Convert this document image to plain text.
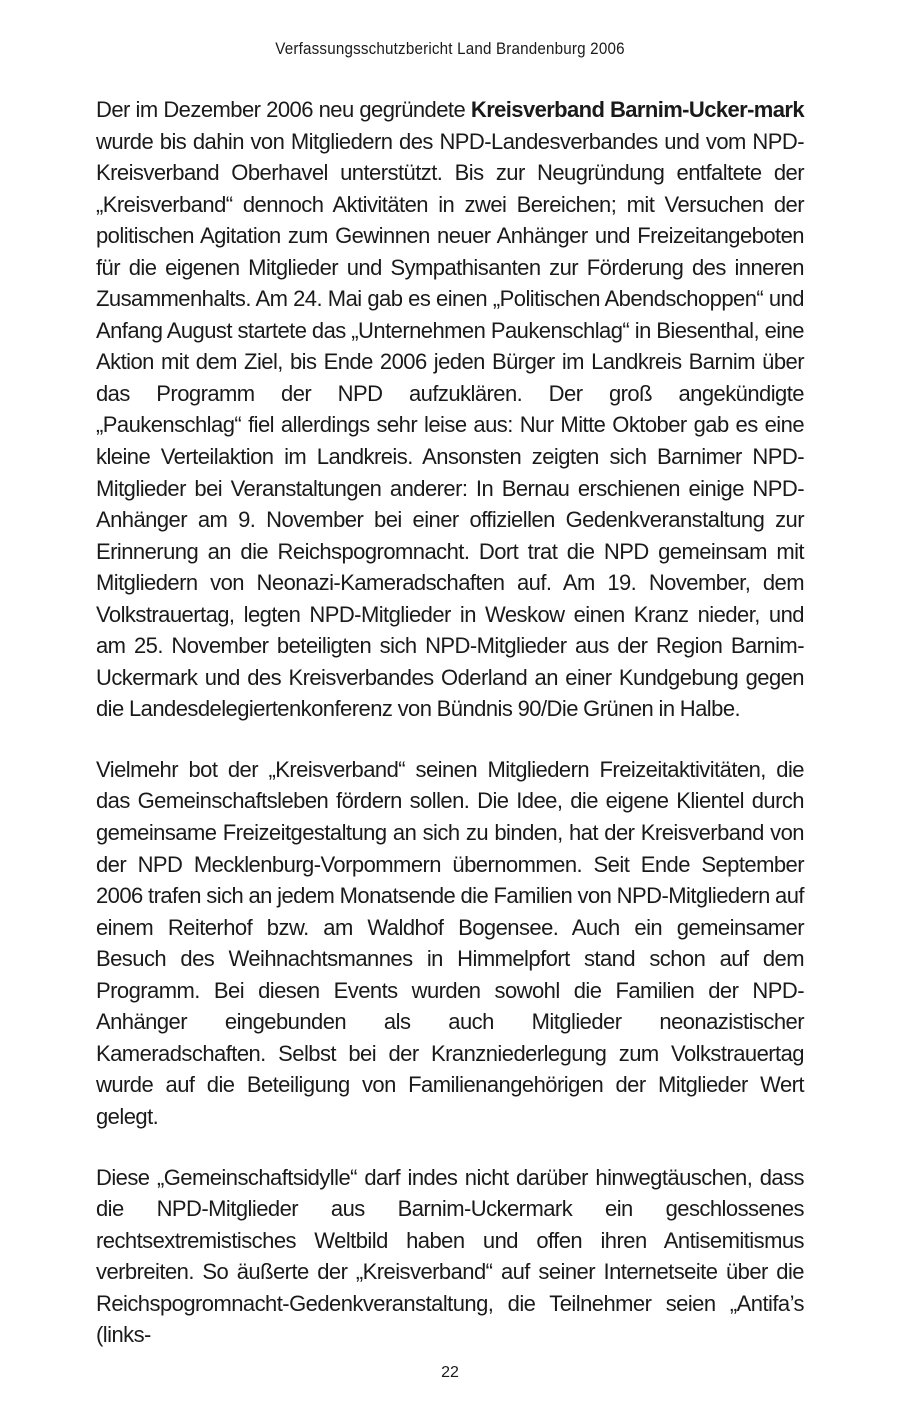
Verfassungsschutzbericht Land Brandenburg 2006

Der im Dezember 2006 neu gegründete Kreisverband Barnim-Ucker-mark wurde bis dahin von Mitgliedern des NPD-Landesverbandes und vom NPD-Kreisverband Oberhavel unterstützt. Bis zur Neugründung entfaltete der „Kreisverband“ dennoch Aktivitäten in zwei Bereichen; mit Versuchen der politischen Agitation zum Gewinnen neuer Anhänger und Freizeitangeboten für die eigenen Mitglieder und Sympathisanten zur Förderung des inneren Zusammenhalts. Am 24. Mai gab es einen „Politischen Abendschoppen“ und Anfang August startete das „Unternehmen Paukenschlag“ in Biesenthal, eine Aktion mit dem Ziel, bis Ende 2006 jeden Bürger im Landkreis Barnim über das Programm der NPD aufzuklären. Der groß angekündigte „Paukenschlag“ fiel allerdings sehr leise aus: Nur Mitte Oktober gab es eine kleine Verteilaktion im Landkreis. Ansonsten zeigten sich Barnimer NPD-Mitglieder bei Veranstaltungen anderer: In Bernau erschienen einige NPD-Anhänger am 9. November bei einer offiziellen Gedenkveranstaltung zur Erinnerung an die Reichspogromnacht. Dort trat die NPD gemeinsam mit Mitgliedern von Neonazi-Kameradschaften auf. Am 19. November, dem Volkstrauertag, legten NPD-Mitglieder in Weskow einen Kranz nieder, und am 25. November beteiligten sich NPD-Mitglieder aus der Region Barnim-Uckermark und des Kreisverbandes Oderland an einer Kundgebung gegen die Landesdelegiertenkonferenz von Bündnis 90/Die Grünen in Halbe.

Vielmehr bot der „Kreisverband“ seinen Mitgliedern Freizeitaktivitäten, die das Gemeinschaftsleben fördern sollen. Die Idee, die eigene Klientel durch gemeinsame Freizeitgestaltung an sich zu binden, hat der Kreisverband von der NPD Mecklenburg-Vorpommern übernommen. Seit Ende September 2006 trafen sich an jedem Monatsende die Familien von NPD-Mitgliedern auf einem Reiterhof bzw. am Waldhof Bogensee. Auch ein gemeinsamer Besuch des Weihnachtsmannes in Himmelpfort stand schon auf dem Programm. Bei diesen Events wurden sowohl die Familien der NPD-Anhänger eingebunden als auch Mitglieder neonazistischer Kameradschaften. Selbst bei der Kranzniederlegung zum Volkstrauertag wurde auf die Beteiligung von Familienangehörigen der Mitglieder Wert gelegt.

Diese „Gemeinschaftsidylle“ darf indes nicht darüber hinwegtäuschen, dass die NPD-Mitglieder aus Barnim-Uckermark ein geschlossenes rechtsextremistisches Weltbild haben und offen ihren Antisemitismus verbreiten. So äußerte der „Kreisverband“ auf seiner Internetseite über die Reichspogromnacht-Gedenkveranstaltung, die Teilnehmer seien „Antifa’s (links-

22
